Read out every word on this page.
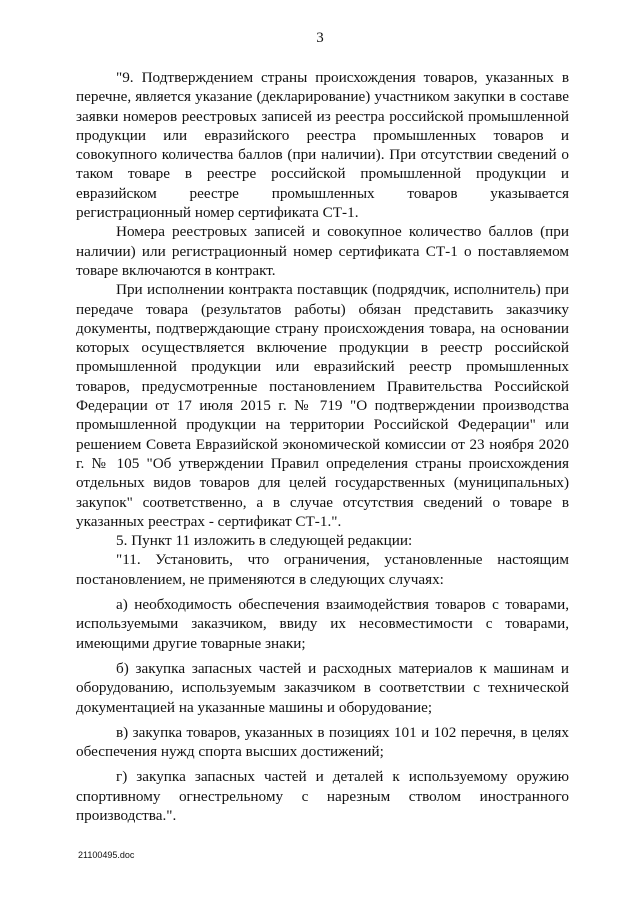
3

"9. Подтверждением страны происхождения товаров, указанных в перечне, является указание (декларирование) участником закупки в составе заявки номеров реестровых записей из реестра российской промышленной продукции или евразийского реестра промышленных товаров и совокупного количества баллов (при наличии). При отсутствии сведений о таком товаре в реестре российской промышленной продукции и евразийском реестре промышленных товаров указывается регистрационный номер сертификата СТ-1.

Номера реестровых записей и совокупное количество баллов (при наличии) или регистрационный номер сертификата СТ-1 о поставляемом товаре включаются в контракт.

При исполнении контракта поставщик (подрядчик, исполнитель) при передаче товара (результатов работы) обязан представить заказчику документы, подтверждающие страну происхождения товара, на основании которых осуществляется включение продукции в реестр российской промышленной продукции или евразийский реестр промышленных товаров, предусмотренные постановлением Правительства Российской Федерации от 17 июля 2015 г. № 719 "О подтверждении производства промышленной продукции на территории Российской Федерации" или решением Совета Евразийской экономической комиссии от 23 ноября 2020 г. № 105 "Об утверждении Правил определения страны происхождения отдельных видов товаров для целей государственных (муниципальных) закупок" соответственно, а в случае отсутствия сведений о товаре в указанных реестрах - сертификат СТ-1.".

5. Пункт 11 изложить в следующей редакции:

"11. Установить, что ограничения, установленные настоящим постановлением, не применяются в следующих случаях:

а) необходимость обеспечения взаимодействия товаров с товарами, используемыми заказчиком, ввиду их несовместимости с товарами, имеющими другие товарные знаки;

б) закупка запасных частей и расходных материалов к машинам и оборудованию, используемым заказчиком в соответствии с технической документацией на указанные машины и оборудование;

в) закупка товаров, указанных в позициях 101 и 102 перечня, в целях обеспечения нужд спорта высших достижений;

г) закупка запасных частей и деталей к используемому оружию спортивному огнестрельному с нарезным стволом иностранного производства.".

21100495.doc
